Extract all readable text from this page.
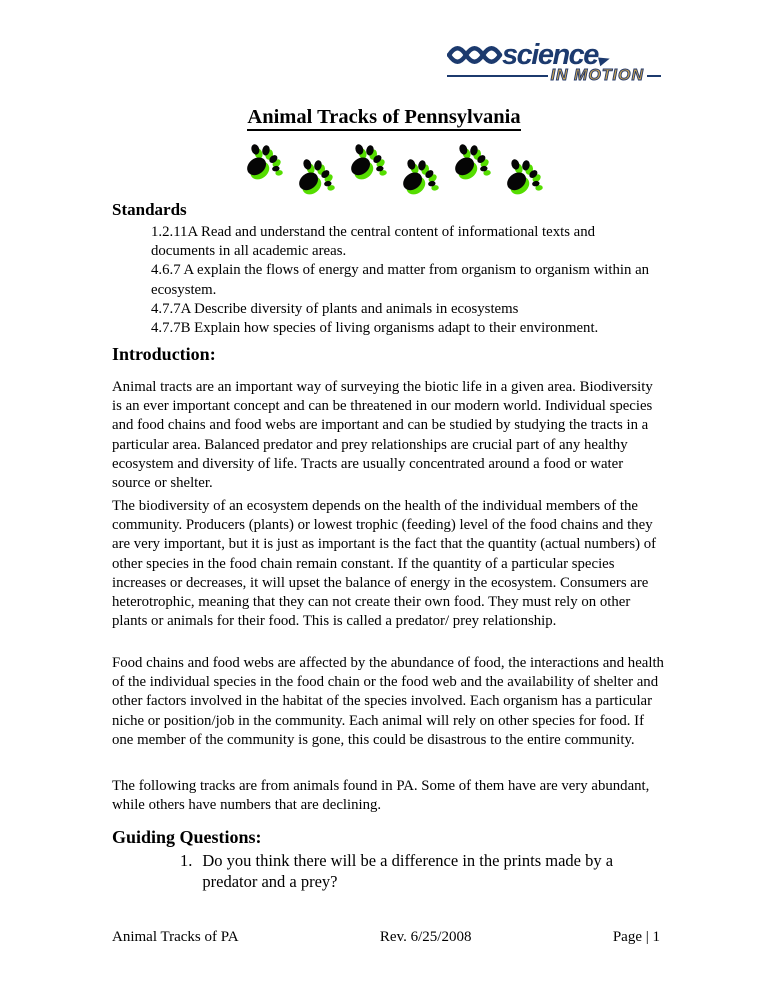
science
IN MOTION
Animal Tracks of Pennsylvania
Standards

1.2.11A Read and understand the central content of informational texts and documents in all academic areas.

4.6.7 A explain the flows of energy and matter from organism to organism within an ecosystem.

4.7.7A Describe diversity of plants and animals in ecosystems

4.7.7B Explain how species of living organisms adapt to their environment.

Introduction:

Animal tracts are an important way of surveying the biotic life in a given area. Biodiversity is an ever important concept and can be threatened in our modern world. Individual species and food chains and food webs are important and can be studied by studying the tracts in a particular area. Balanced predator and prey relationships are crucial part of any healthy ecosystem and diversity of life. Tracts are usually concentrated around a food or water source or shelter.

The biodiversity of an ecosystem depends on the health of the individual members of the community. Producers (plants) or lowest trophic (feeding) level of the food chains and they are very important, but it is just as important is the fact that the quantity (actual numbers) of other species in the food chain remain constant. If the quantity of a particular species increases or decreases, it will upset the balance of energy in the ecosystem. Consumers are heterotrophic, meaning that they can not create their own food. They must rely on other plants or animals for their food. This is called a predator/ prey relationship.

Food chains and food webs are affected by the abundance of food, the interactions and health of the individual species in the food chain or the food web and the availability of shelter and other factors involved in the habitat of the species involved. Each organism has a particular niche or position/job in the community. Each animal will rely on other species for food. If one member of the community is gone, this could be disastrous to the entire community.

The following tracks are from animals found in PA. Some of them have are very abundant, while others have numbers that are declining.

Guiding Questions:
1. Do you think there will be a difference in the prints made by a predator and a prey?
Animal Tracks of PA	Rev. 6/25/2008	Page | 1
